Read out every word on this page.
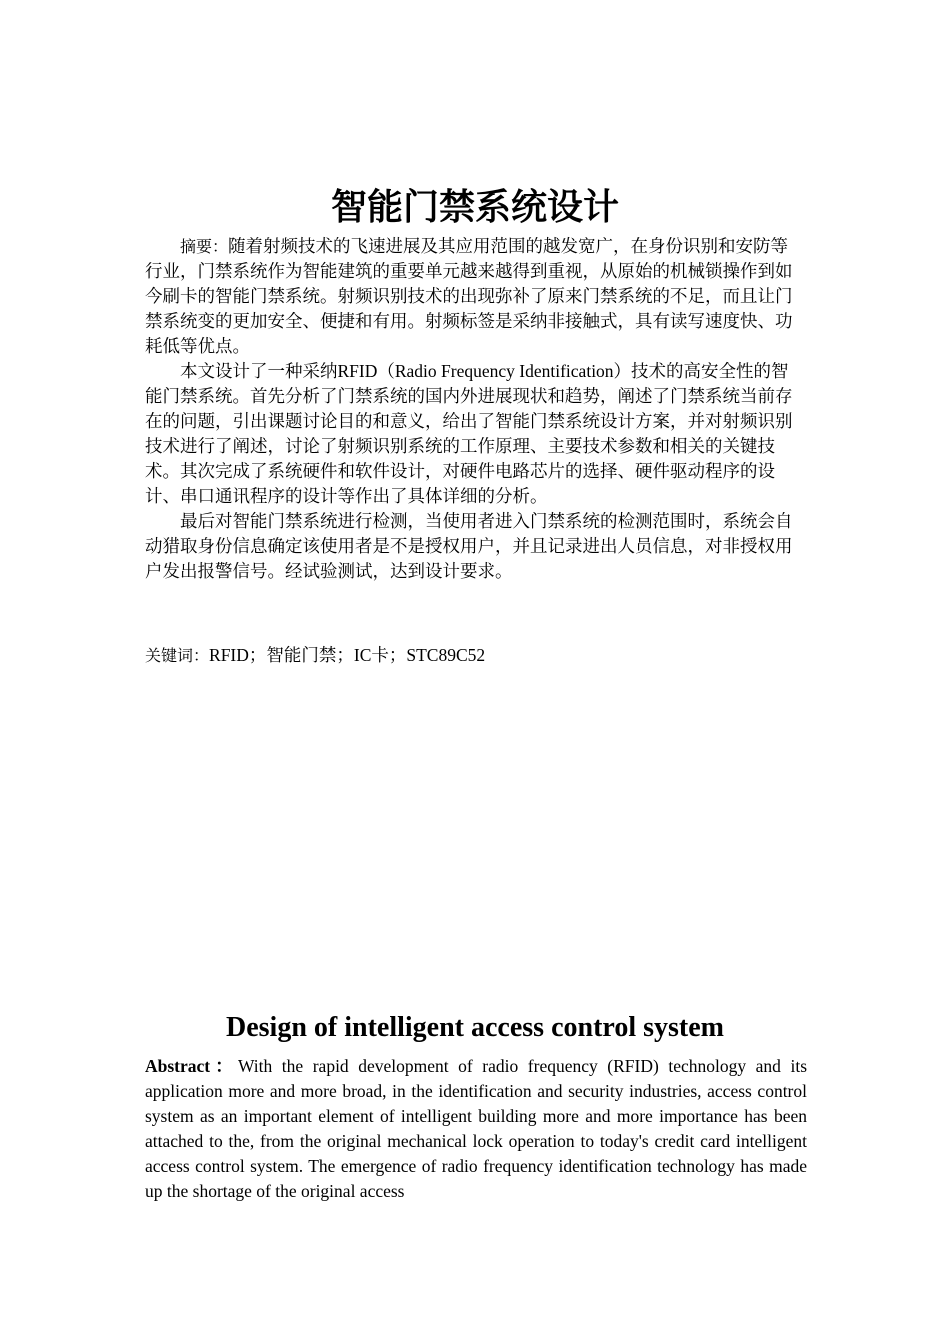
智能门禁系统设计

摘要：随着射频技术的飞速进展及其应用范围的越发宽广，在身份识别和安防等行业，门禁系统作为智能建筑的重要单元越来越得到重视，从原始的机械锁操作到如今刷卡的智能门禁系统。射频识别技术的出现弥补了原来门禁系统的不足，而且让门禁系统变的更加安全、便捷和有用。射频标签是采纳非接触式，具有读写速度快、功耗低等优点。

本文设计了一种采纳RFID（Radio Frequency Identification）技术的高安全性的智能门禁系统。首先分析了门禁系统的国内外进展现状和趋势，阐述了门禁系统当前存在的问题，引出课题讨论目的和意义，给出了智能门禁系统设计方案，并对射频识别技术进行了阐述，讨论了射频识别系统的工作原理、主要技术参数和相关的关键技术。其次完成了系统硬件和软件设计，对硬件电路芯片的选择、硬件驱动程序的设计、串口通讯程序的设计等作出了具体详细的分析。

最后对智能门禁系统进行检测，当使用者进入门禁系统的检测范围时，系统会自动猎取身份信息确定该使用者是不是授权用户，并且记录进出人员信息，对非授权用户发出报警信号。经试验测试，达到设计要求。

关键词：RFID；智能门禁；IC卡；STC89C52

Design of intelligent access control system

Abstract：With the rapid development of radio frequency (RFID) technology and its application more and more broad, in the identification and security industries, access control system as an important element of intelligent building more and more importance has been attached to the, from the original mechanical lock operation to today's credit card intelligent access control system. The emergence of radio frequency identification technology has made up the shortage of the original access
